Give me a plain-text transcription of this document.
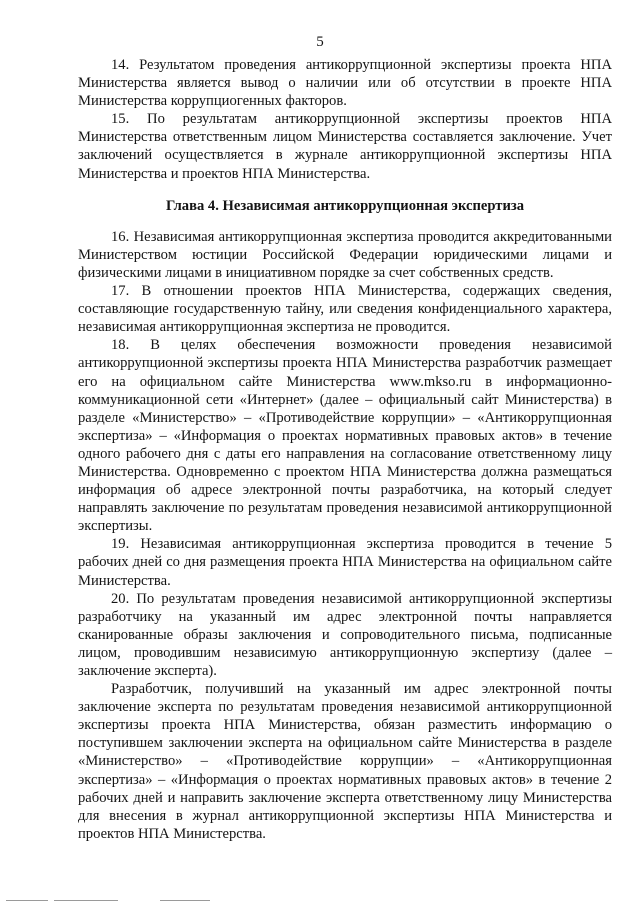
5

14. Результатом проведения антикоррупционной экспертизы проекта НПА Министерства является вывод о наличии или об отсутствии в проекте НПА Министерства коррупциогенных факторов.

15. По результатам антикоррупционной экспертизы проектов НПА Министерства ответственным лицом Министерства составляется заключение. Учет заключений осуществляется в журнале антикоррупционной экспертизы НПА Министерства и проектов НПА Министерства.

Глава 4. Независимая антикоррупционная экспертиза

16. Независимая антикоррупционная экспертиза проводится аккредитованными Министерством юстиции Российской Федерации юридическими лицами и физическими лицами в инициативном порядке за счет собственных средств.

17. В отношении проектов НПА Министерства, содержащих сведения, составляющие государственную тайну, или сведения конфиденциального характера, независимая антикоррупционная экспертиза не проводится.

18. В целях обеспечения возможности проведения независимой антикоррупционной экспертизы проекта НПА Министерства разработчик размещает его на официальном сайте Министерства www.mkso.ru в информационно-коммуникационной сети «Интернет» (далее – официальный сайт Министерства) в разделе «Министерство» – «Противодействие коррупции» – «Антикоррупционная экспертиза» – «Информация о проектах нормативных правовых актов» в течение одного рабочего дня с даты его направления на согласование ответственному лицу Министерства. Одновременно с проектом НПА Министерства должна размещаться информация об адресе электронной почты разработчика, на который следует направлять заключение по результатам проведения независимой антикоррупционной экспертизы.

19. Независимая антикоррупционная экспертиза проводится в течение 5 рабочих дней со дня размещения проекта НПА Министерства на официальном сайте Министерства.

20. По результатам проведения независимой антикоррупционной экспертизы разработчику на указанный им адрес электронной почты направляется сканированные образы заключения и сопроводительного письма, подписанные лицом, проводившим независимую антикоррупционную экспертизу (далее – заключение эксперта).

Разработчик, получивший на указанный им адрес электронной почты заключение эксперта по результатам проведения независимой антикоррупционной экспертизы проекта НПА Министерства, обязан разместить информацию о поступившем заключении эксперта на официальном сайте Министерства в разделе «Министерство» – «Противодействие коррупции» – «Антикоррупционная экспертиза» – «Информация о проектах нормативных правовых актов» в течение 2 рабочих дней и направить заключение эксперта ответственному лицу Министерства для внесения в журнал антикоррупционной экспертизы НПА Министерства и проектов НПА Министерства.
